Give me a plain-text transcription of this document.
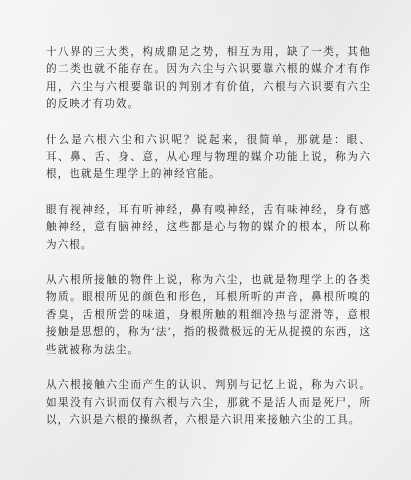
十八界的三大类，构成鼎足之势，相互为用，缺了一类，其他的二类也就不能存在。因为六尘与六识要靠六根的媒介才有作用，六尘与六根要靠识的判别才有价值，六根与六识要有六尘的反映才有功效。

什么是六根六尘和六识呢？说起来，很简单，那就是：眼、耳、鼻、舌、身、意，从心理与物理的媒介功能上说，称为六根，也就是生理学上的神经官能。

眼有视神经，耳有听神经，鼻有嗅神经，舌有味神经，身有感触神经，意有脑神经，这些都是心与物的媒介的根本，所以称为六根。

从六根所接触的物件上说，称为六尘，也就是物理学上的各类物质。眼根所见的颜色和形色，耳根所听的声音，鼻根所嗅的香臭，舌根所尝的味道，身根所触的粗细冷热与涩滑等，意根接触是思想的，称为‘法’，指的极微极远的无从捉摸的东西，这些就被称为法尘。

从六根接触六尘而产生的认识、判别与记忆上说，称为六识。如果没有六识而仅有六根与六尘，那就不是活人而是死尸，所以，六识是六根的操纵者，六根是六识用来接触六尘的工具。
